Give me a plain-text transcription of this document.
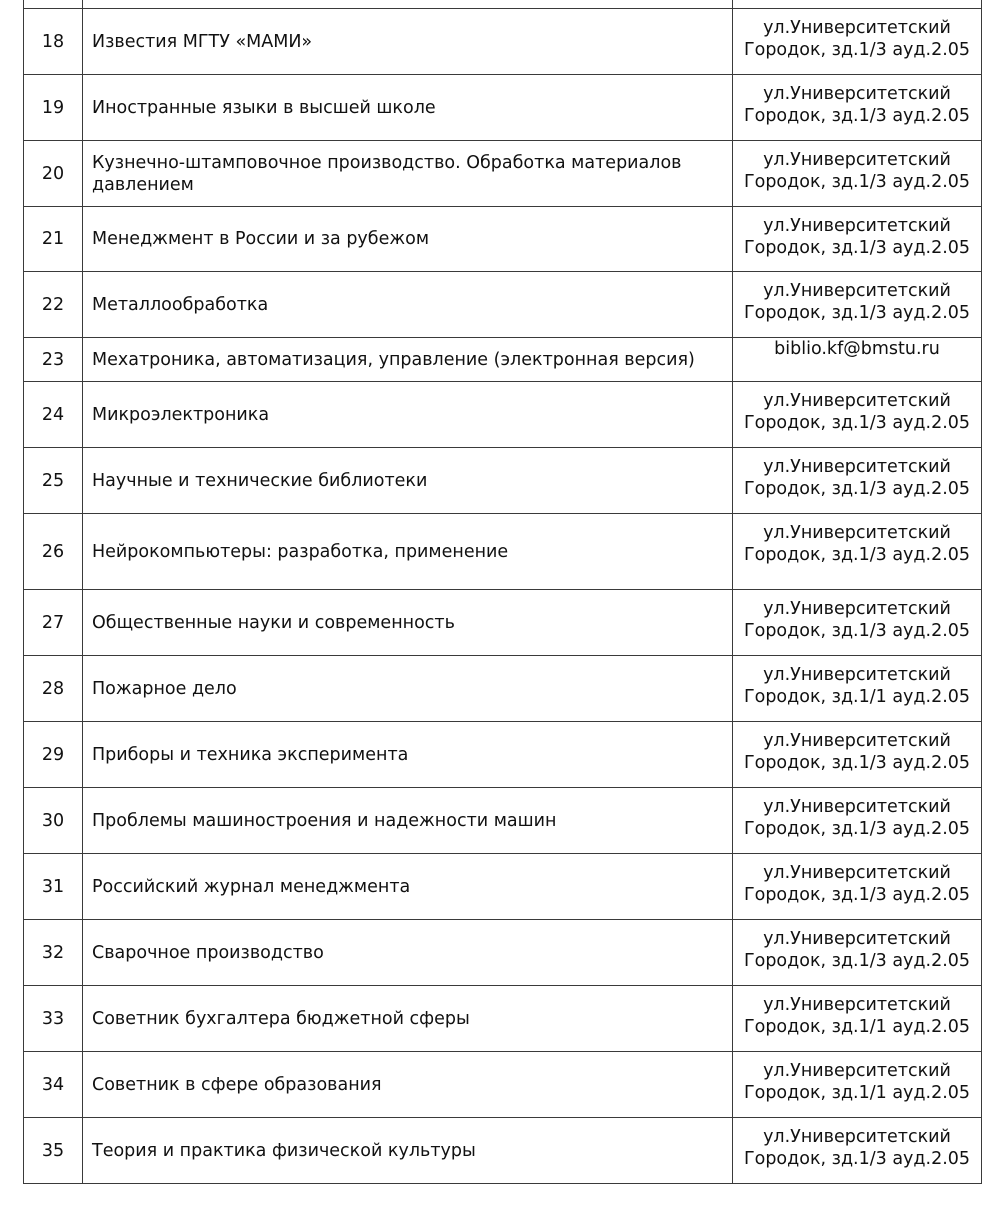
18	Известия МГТУ «МАМИ»	ул.Университетский
Городок, зд.1/3 ауд.2.05

19	Иностранные языки в высшей школе	ул.Университетский
Городок, зд.1/3 ауд.2.05

20	Кузнечно-штамповочное производство. Обработка материалов давлением	ул.Университетский
Городок, зд.1/3 ауд.2.05

21	Менеджмент в России и за рубежом	ул.Университетский
Городок, зд.1/3 ауд.2.05

22	Металлообработка	ул.Университетский
Городок, зд.1/3 ауд.2.05

23	Мехатроника, автоматизация, управление (электронная версия)	biblio.kf@bmstu.ru

24	Микроэлектроника	ул.Университетский
Городок, зд.1/3 ауд.2.05

25	Научные и технические библиотеки	ул.Университетский
Городок, зд.1/3 ауд.2.05

26	Нейрокомпьютеры: разработка, применение	ул.Университетский
Городок, зд.1/3 ауд.2.05

27	Общественные науки и современность	ул.Университетский
Городок, зд.1/3 ауд.2.05

28	Пожарное дело	ул.Университетский
Городок, зд.1/1 ауд.2.05

29	Приборы и техника эксперимента	ул.Университетский
Городок, зд.1/3 ауд.2.05

30	Проблемы машиностроения и надежности машин	ул.Университетский
Городок, зд.1/3 ауд.2.05

31	Российский журнал менеджмента	ул.Университетский
Городок, зд.1/3 ауд.2.05

32	Сварочное производство	ул.Университетский
Городок, зд.1/3 ауд.2.05

33	Советник бухгалтера бюджетной сферы	ул.Университетский
Городок, зд.1/1 ауд.2.05

34	Советник в сфере образования	ул.Университетский
Городок, зд.1/1 ауд.2.05

35	Теория и практика физической культуры	ул.Университетский
Городок, зд.1/3 ауд.2.05
